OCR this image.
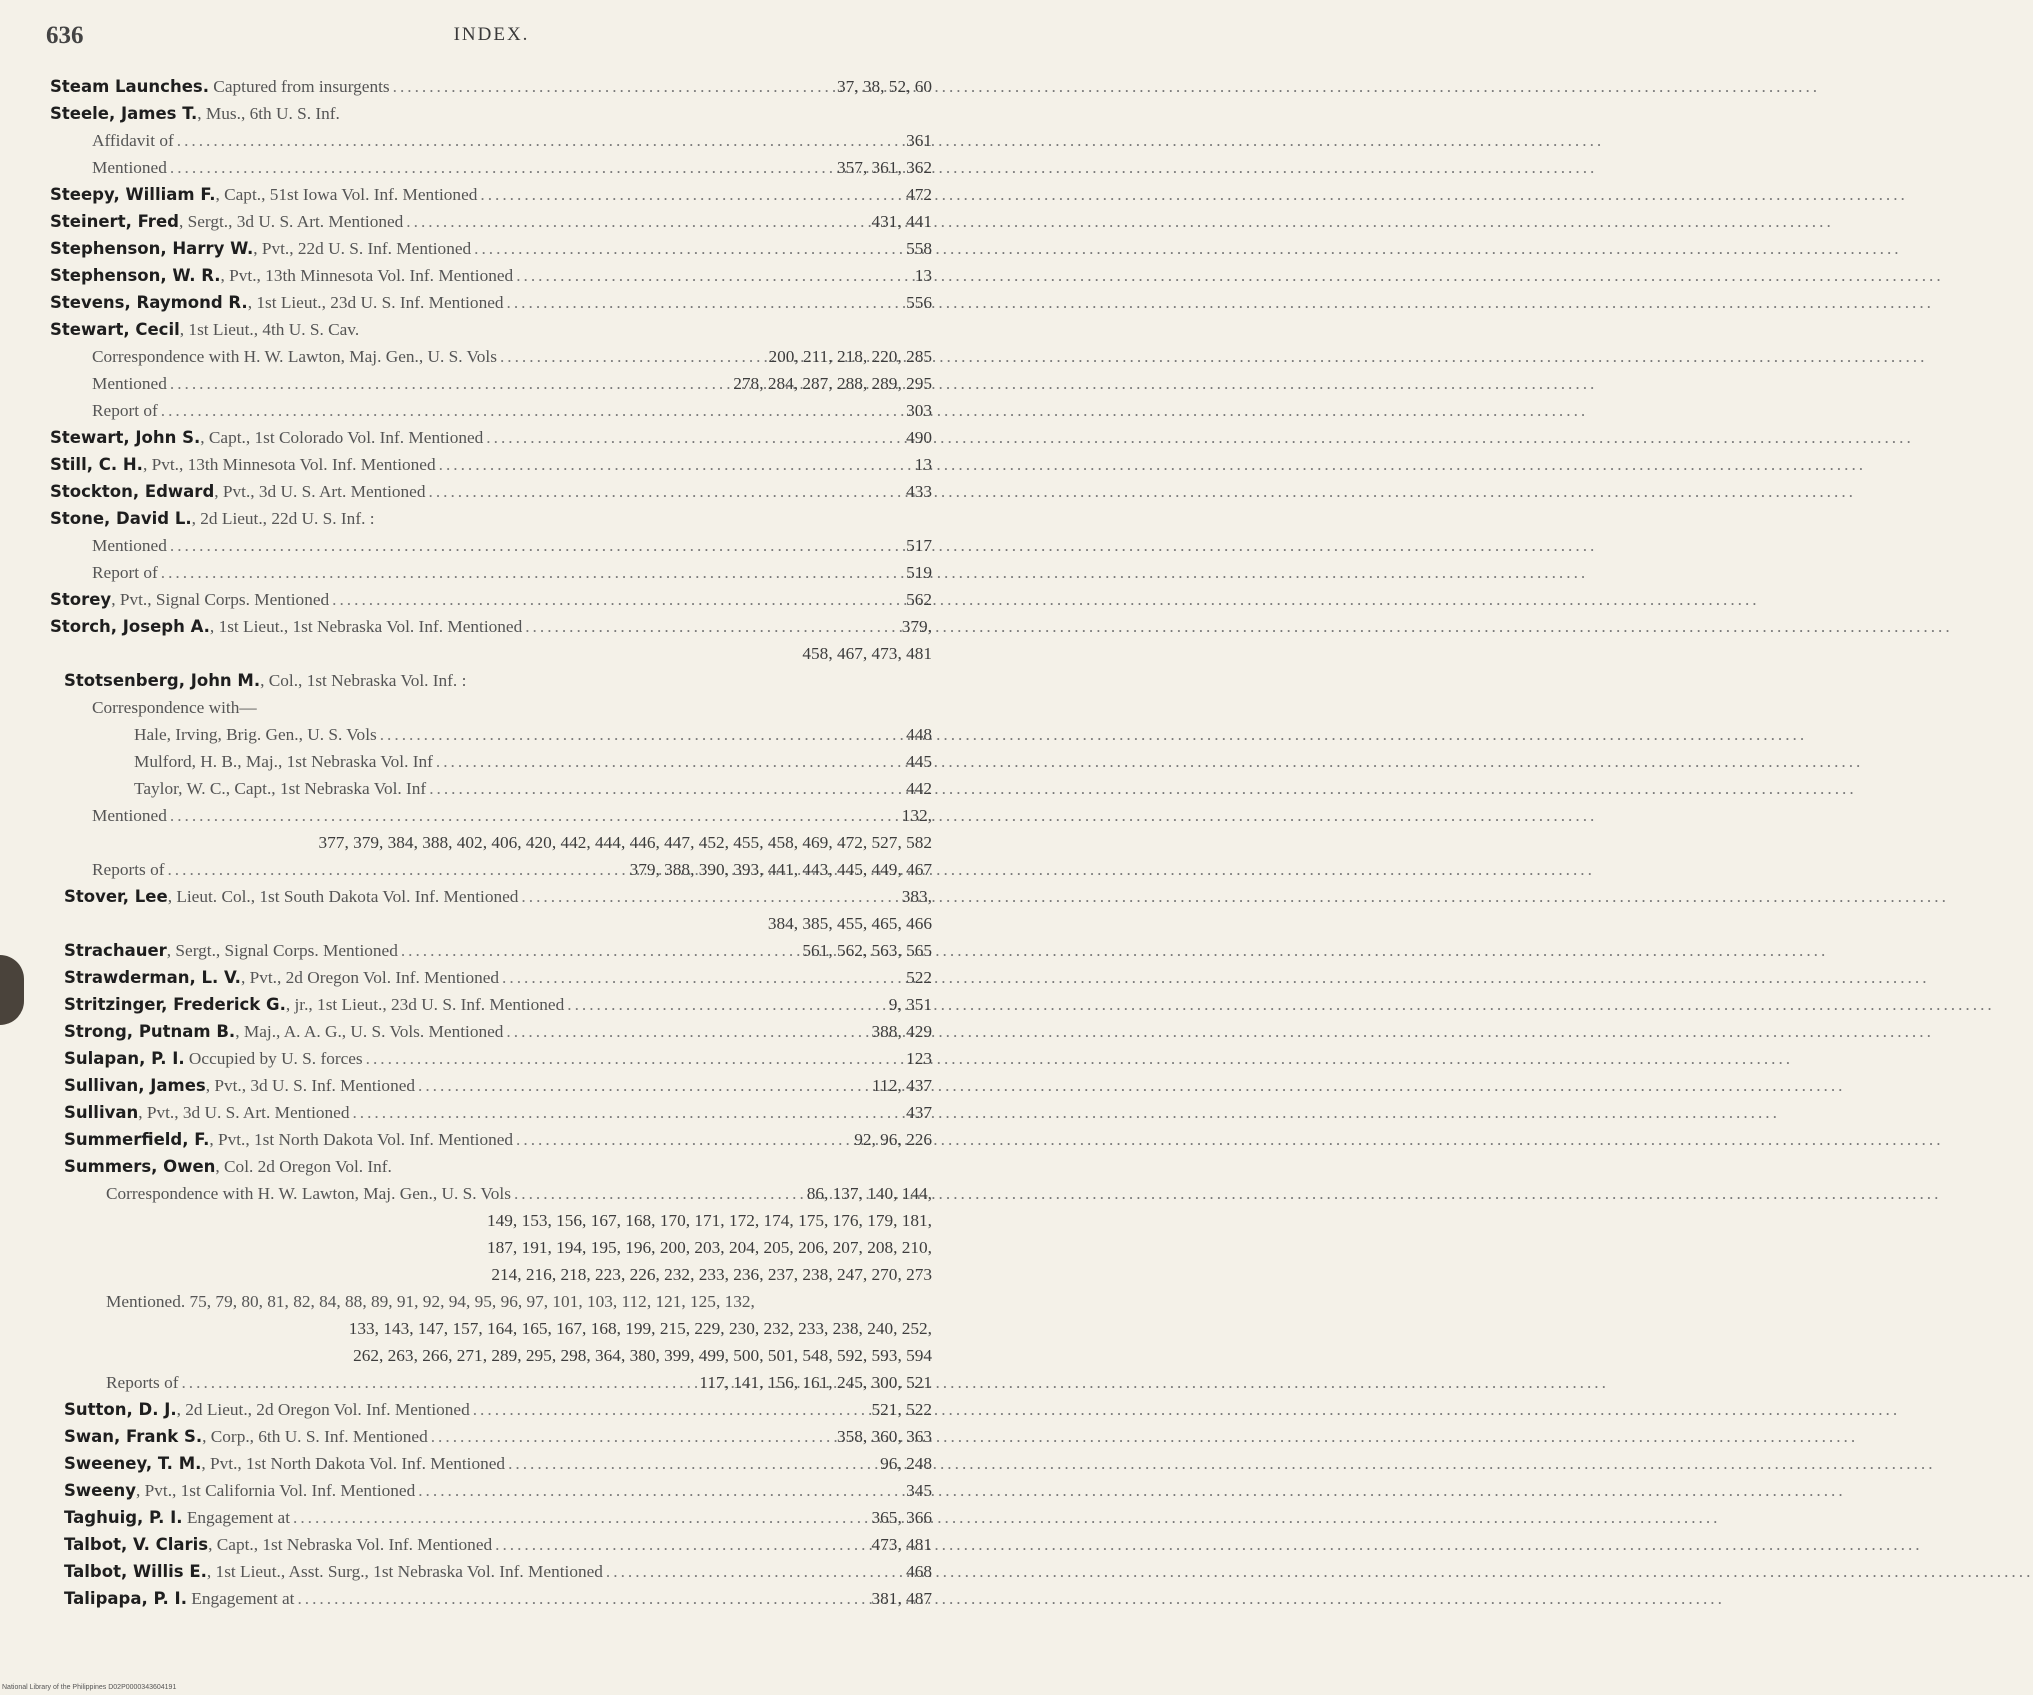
636	INDEX.
Steam Launches. Captured from insurgents .....	37, 38, 52, 60
Steele, James T., Mus., 6th U. S. Inf.
Affidavit of .....	361
Mentioned .....	357, 361, 362
Steepy, William F., Capt., 51st Iowa Vol. Inf. Mentioned .....	472
Steinert, Fred, Sergt., 3d U. S. Art. Mentioned .....	431, 441
Stephenson, Harry W., Pvt., 22d U. S. Inf. Mentioned .....	558
Stephenson, W. R., Pvt., 13th Minnesota Vol. Inf. Mentioned .....	13
Stevens, Raymond R., 1st Lieut., 23d U. S. Inf. Mentioned .....	556
Stewart, Cecil, 1st Lieut., 4th U. S. Cav.
Correspondence with H. W. Lawton, Maj. Gen., U. S. Vols .....	200, 211, 218, 220, 285
Mentioned .....	278, 284, 287, 288, 289, 295
Report of .....	303
Stewart, John S., Capt., 1st Colorado Vol. Inf. Mentioned .....	490
Still, C. H., Pvt., 13th Minnesota Vol. Inf. Mentioned .....	13
Stockton, Edward, Pvt., 3d U. S. Art. Mentioned .....	433
Stone, David L., 2d Lieut., 22d U. S. Inf. :
Mentioned .....	517
Report of .....	519
Storey, Pvt., Signal Corps. Mentioned .....	562
Storch, Joseph A., 1st Lieut., 1st Nebraska Vol. Inf. Mentioned .....	379,
458, 467, 473, 481
Stotsenberg, John M., Col., 1st Nebraska Vol. Inf. :
Correspondence with—
Hale, Irving, Brig. Gen., U. S. Vols .....	448
Mulford, H. B., Maj., 1st Nebraska Vol. Inf .....	445
Taylor, W. C., Capt., 1st Nebraska Vol. Inf .....	442
Mentioned .....	132,
377, 379, 384, 388, 402, 406, 420, 442, 444, 446, 447, 452, 455, 458, 469, 472, 527, 582
Reports of .....	379, 388, 390, 393, 441, 443, 445, 449, 467
Stover, Lee, Lieut. Col., 1st South Dakota Vol. Inf. Mentioned .....	383,
384, 385, 455, 465, 466
Strachauer, Sergt., Signal Corps. Mentioned .....	561, 562, 563, 565
Strawderman, L. V., Pvt., 2d Oregon Vol. Inf. Mentioned .....	522
Stritzinger, Frederick G., jr., 1st Lieut., 23d U. S. Inf. Mentioned .....	9, 351
Strong, Putnam B., Maj., A. A. G., U. S. Vols. Mentioned .....	388, 429
Sulapan, P. I. Occupied by U. S. forces .....	123
Sullivan, James, Pvt., 3d U. S. Inf. Mentioned .....	112, 437
Sullivan, Pvt., 3d U. S. Art. Mentioned .....	437
Summerfield, F., Pvt., 1st North Dakota Vol. Inf. Mentioned .....	92, 96, 226
Summers, Owen, Col. 2d Oregon Vol. Inf.
Correspondence with H. W. Lawton, Maj. Gen., U. S. Vols .....	86, 137, 140, 144,
149, 153, 156, 167, 168, 170, 171, 172, 174, 175, 176, 179, 181,
187, 191, 194, 195, 196, 200, 203, 204, 205, 206, 207, 208, 210,
214, 216, 218, 223, 226, 232, 233, 236, 237, 238, 247, 270, 273
Mentioned. 75, 79, 80, 81, 82, 84, 88, 89, 91, 92, 94, 95, 96, 97, 101, 103, 112, 121, 125, 132,
133, 143, 147, 157, 164, 165, 167, 168, 199, 215, 229, 230, 232, 233, 238, 240, 252,
262, 263, 266, 271, 289, 295, 298, 364, 380, 399, 499, 500, 501, 548, 592, 593, 594
Reports of .....	117, 141, 156, 161, 245, 300, 521
Sutton, D. J., 2d Lieut., 2d Oregon Vol. Inf. Mentioned .....	521, 522
Swan, Frank S., Corp., 6th U. S. Inf. Mentioned .....	358, 360, 363
Sweeney, T. M., Pvt., 1st North Dakota Vol. Inf. Mentioned .....	96, 248
Sweeny, Pvt., 1st California Vol. Inf. Mentioned .....	345
Taghuig, P. I. Engagement at .....	365, 366
Talbot, V. Claris, Capt., 1st Nebraska Vol. Inf. Mentioned .....	473, 481
Talbot, Willis E., 1st Lieut., Asst. Surg., 1st Nebraska Vol. Inf. Mentioned .....	468
Talipapa, P. I. Engagement at .....	381, 487
National Library of the Philippines D02P0000343604191
